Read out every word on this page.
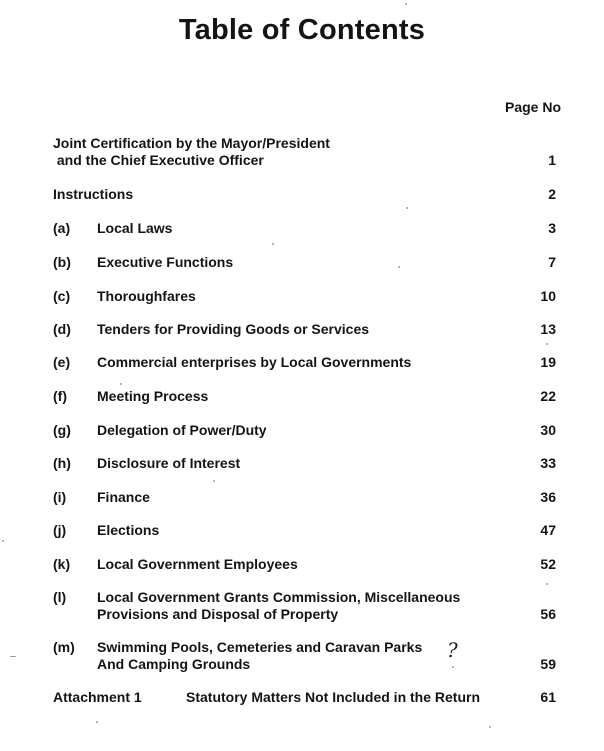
Table of Contents
Page No
Joint Certification by the Mayor/President
and the Chief Executive Officer	1
Instructions	2
(a) Local Laws	3
(b) Executive Functions	7
(c) Thoroughfares	10
(d) Tenders for Providing Goods or Services	13
(e) Commercial enterprises by Local Governments	19
(f) Meeting Process	22
(g) Delegation of Power/Duty	30
(h) Disclosure of Interest	33
(i) Finance	36
(j) Elections	47
(k) Local Government Employees	52
(l) Local Government Grants Commission, Miscellaneous
Provisions and Disposal of Property	56
(m) Swimming Pools, Cemeteries and Caravan Parks
And Camping Grounds	59
?
Attachment 1	Statutory Matters Not Included in the Return	61
